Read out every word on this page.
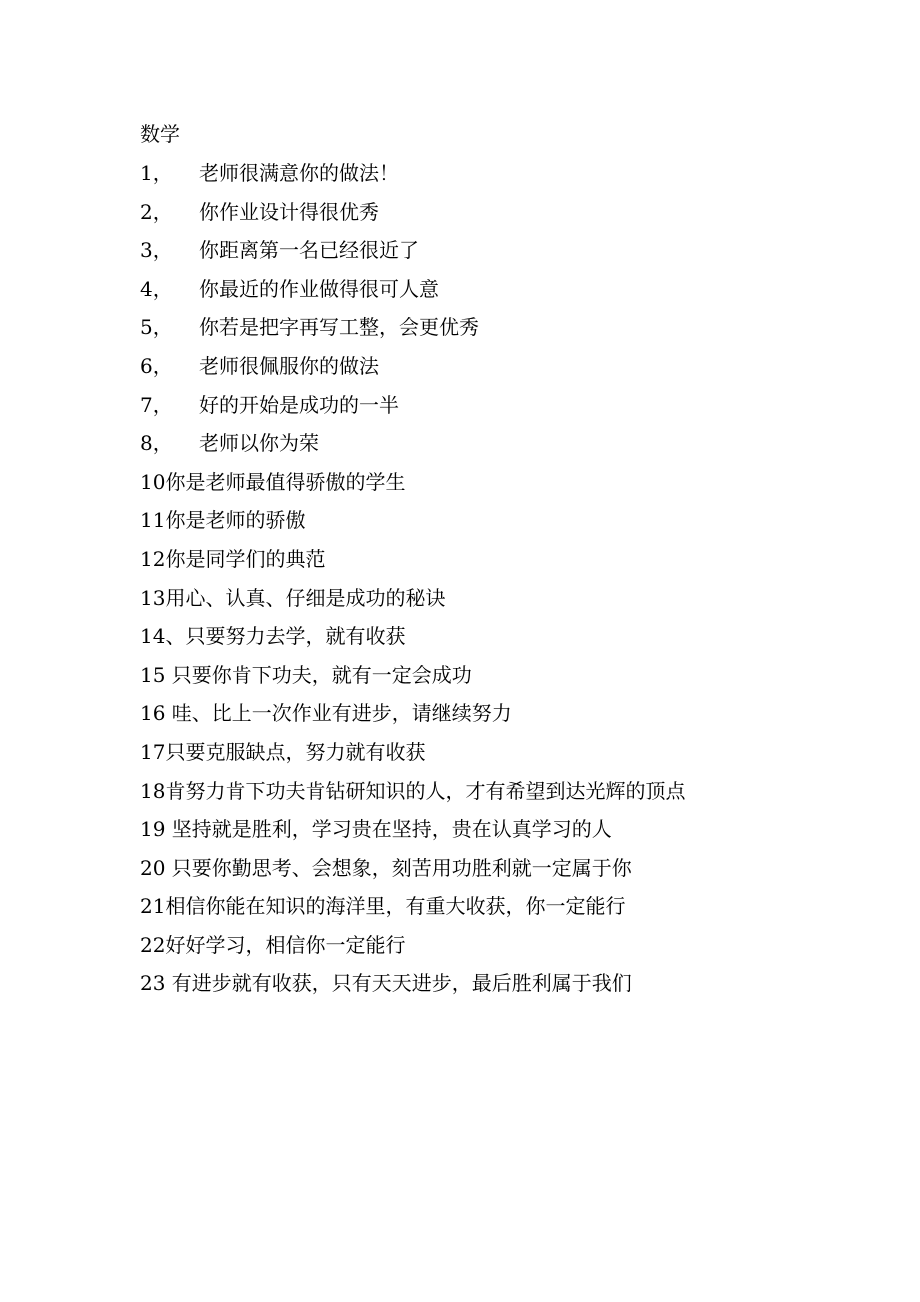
数学
1，	老师很满意你的做法！
2，	你作业设计得很优秀
3，	你距离第一名已经很近了
4，	你最近的作业做得很可人意
5，	你若是把字再写工整，会更优秀
6，	老师很佩服你的做法
7，	好的开始是成功的一半
8，	老师以你为荣
10 你是老师最值得骄傲的学生
11 你是老师的骄傲
12 你是同学们的典范
13 用心、认真、仔细是成功的秘诀
14、 只要努力去学，就有收获
15 只要你肯下功夫，就有一定会成功
16 哇、比上一次作业有进步，请继续努力
17 只要克服缺点，努力就有收获
18 肯努力肯下功夫肯钻研知识的人，才有希望到达光辉的顶点
19 坚持就是胜利，学习贵在坚持，贵在认真学习的人
20 只要你勤思考、会想象，刻苦用功胜利就一定属于你
21 相信你能在知识的海洋里，有重大收获，你一定能行
22 好好学习，相信你一定能行
23 有进步就有收获，只有天天进步，最后胜利属于我们
